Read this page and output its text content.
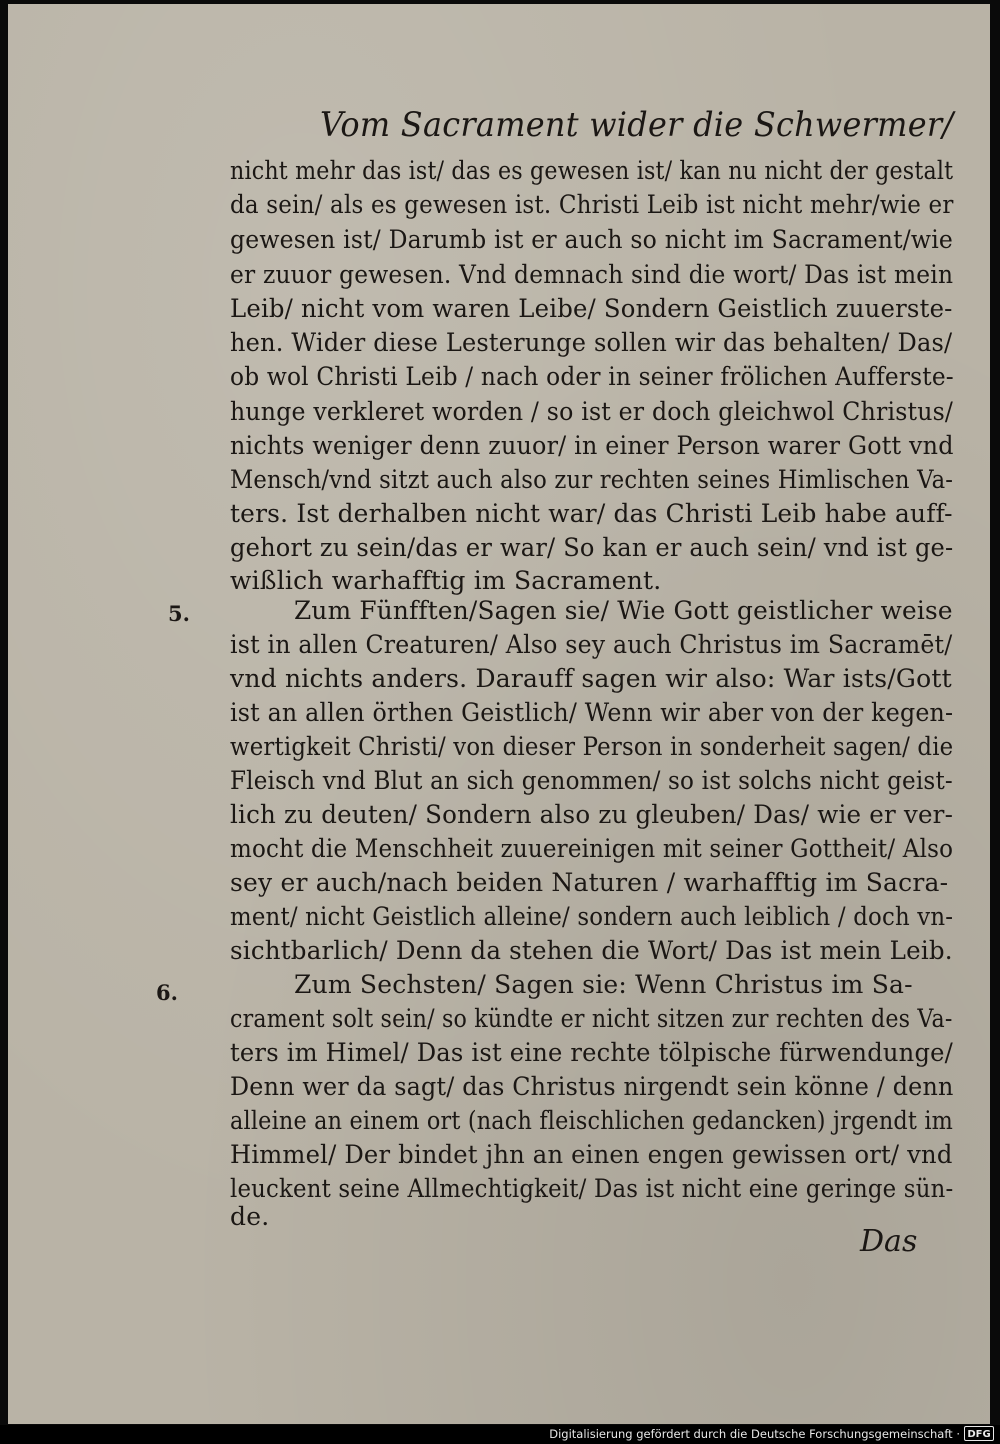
Vom Sacrament wider die Schwermer/
nicht mehr das ist/ das es gewesen ist/ kan nu nicht der gestalt
da sein/ als es gewesen ist. Christi Leib ist nicht mehr/wie er
gewesen ist/ Darumb ist er auch so nicht im Sacrament/wie
er zuuor gewesen. Vnd demnach sind die wort/ Das ist mein
Leib/ nicht vom waren Leibe/ Sondern Geistlich zuuerste-
hen. Wider diese Lesterunge sollen wir das behalten/ Das/
ob wol Christi Leib / nach oder in seiner frölichen Aufferste-
hunge verkleret worden / so ist er doch gleichwol Christus/
nichts weniger denn zuuor/ in einer Person warer Gott vnd
Mensch/vnd sitzt auch also zur rechten seines Himlischen Va-
ters. Ist derhalben nicht war/ das Christi Leib habe auff-
gehort zu sein/das er war/ So kan er auch sein/ vnd ist ge-
wißlich warhafftig im Sacrament.
5.	Zum Fünfften/Sagen sie/ Wie Gott geistlicher weise
ist in allen Creaturen/ Also sey auch Christus im Sacramēt/
vnd nichts anders. Darauff sagen wir also: War ists/Gott
ist an allen örthen Geistlich/ Wenn wir aber von der kegen-
wertigkeit Christi/ von dieser Person in sonderheit sagen/ die
Fleisch vnd Blut an sich genommen/ so ist solchs nicht geist-
lich zu deuten/ Sondern also zu gleuben/ Das/ wie er ver-
mocht die Menschheit zuuereinigen mit seiner Gottheit/ Also
sey er auch/nach beiden Naturen / warhafftig im Sacra-
ment/ nicht Geistlich alleine/ sondern auch leiblich / doch vn-
sichtbarlich/ Denn da stehen die Wort/ Das ist mein Leib.
6.	Zum Sechsten/ Sagen sie: Wenn Christus im Sa-
crament solt sein/ so kündte er nicht sitzen zur rechten des Va-
ters im Himel/ Das ist eine rechte tölpische fürwendunge/
Denn wer da sagt/ das Christus nirgendt sein könne / denn
alleine an einem ort (nach fleischlichen gedancken) jrgendt im
Himmel/ Der bindet jhn an einen engen gewissen ort/ vnd
leuckent seine Allmechtigkeit/ Das ist nicht eine geringe sün-
de.
Das
Digitalisierung gefördert durch die Deutsche Forschungsgemeinschaft · DFG
